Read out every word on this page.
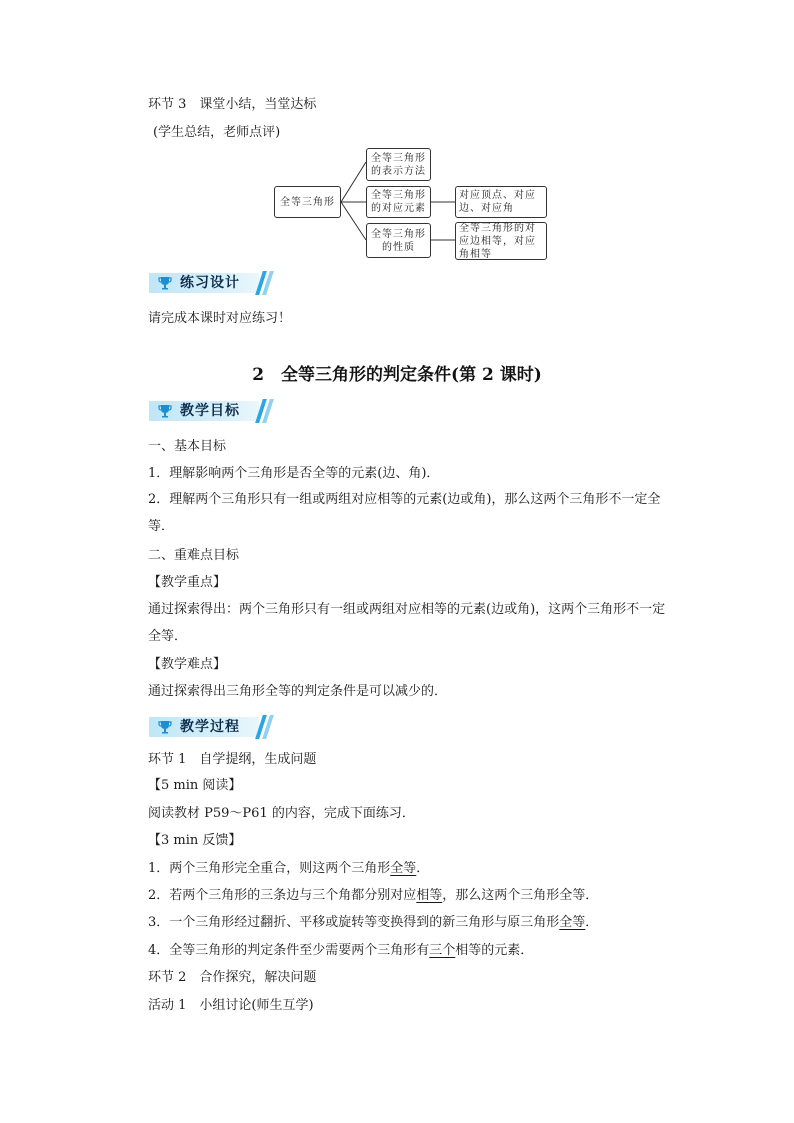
环节 3　课堂小结，当堂达标
(学生总结，老师点评)
全等三角形
全等三角形的表示方法
全等三角形的对应元素
全等三角形的性质
对应顶点、对应边、对应角
全等三角形的对应边相等，对应角相等
练习设计
请完成本课时对应练习！
2　全等三角形的判定条件(第 2 课时)
教学目标
一、基本目标
1．理解影响两个三角形是否全等的元素(边、角)．
2．理解两个三角形只有一组或两组对应相等的元素(边或角)，那么这两个三角形不一定全等．
二、重难点目标
【教学重点】
通过探索得出：两个三角形只有一组或两组对应相等的元素(边或角)，这两个三角形不一定全等．
【教学难点】
通过探索得出三角形全等的判定条件是可以减少的．
教学过程
环节 1　自学提纲，生成问题
【5 min 阅读】
阅读教材 P59～P61 的内容，完成下面练习．
【3 min 反馈】
1．两个三角形完全重合，则这两个三角形全等．
2．若两个三角形的三条边与三个角都分别对应相等，那么这两个三角形全等．
3．一个三角形经过翻折、平移或旋转等变换得到的新三角形与原三角形全等．
4．全等三角形的判定条件至少需要两个三角形有三个相等的元素．
环节 2　合作探究，解决问题
活动 1　小组讨论(师生互学)
